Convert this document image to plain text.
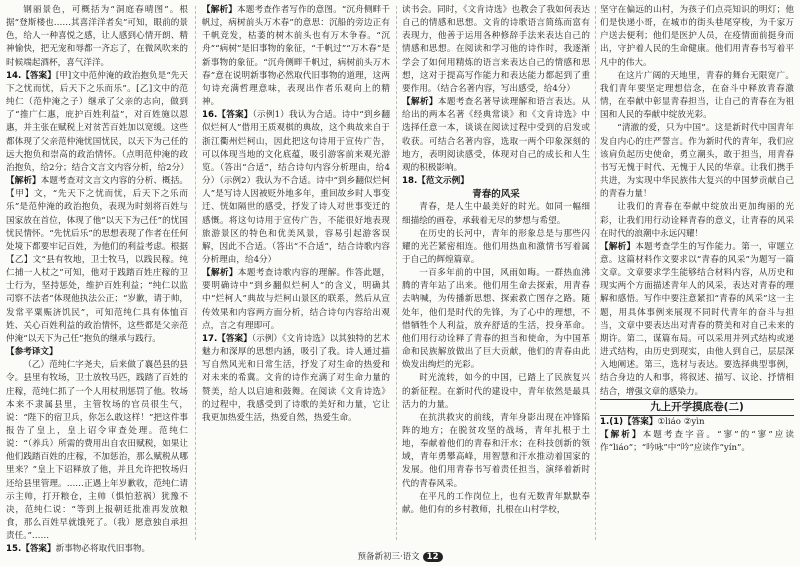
钢丽景色，可概括为“洞庭春晴图”。根据“登斯楼也……其喜洋洋者矣”可知，眼前的景色，给人一种喜悦之感，让人感到心情开朗、精神愉快，把无宠和辱都一齐忘了，在微风吹来的时候端起酒杯，喜气洋洋。

14.【答案】[甲]文中范仲淹的政治抱负是“先天下之忧而忧，后天下之乐而乐”。[乙]文中的范纯仁（范仲淹之子）继承了父亲的志向，做到了“推广仁惠，庇护百姓利益”，对百姓施以恩惠，并主张在赋税上对贫苦百姓加以宽缓。这些都体现了父亲范仲淹忧国忧民，以天下为己任的远大抱负和崇高的政治情怀。（点明范仲淹的政治抱负，给2分；结合文言文内容分析，给2分）

【解析】本题考查对文言文内容的分析、概括。【甲】文，“先天下之忧而忧，后天下之乐而乐”是范仲淹的政治抱负，表现为时刻将百姓与国家放在首位，体现了他“以天下为己任”的忧国忧民情怀。“先忧后乐”的思想表现了作者在任何处境下都要牢记百姓，为他们的利益考虑。根据【乙】文“县有牧地，卫士牧马，以践民稼。纯仁捕一人杖之”可知，他对于践踏百姓庄稼的卫士行为，坚持惩处，维护百姓利益；“纯仁以监司察不法者”体现他执法公正；“岁歉，请于帅，发常平粟赈济饥民”，可知范纯仁具有体恤百姓、关心百姓利益的政治情怀，这些都是父亲范仲淹“以天下为己任”抱负的继承与践行。

【参考译文】

（乙）范纯仁字尧夫，后来做了襄邑县的县令。县里有牧场，卫士放牧马匹，践踏了百姓的庄稼，范纯仁抓了一个人用杖刑惩罚了他。牧场本来不隶属县里，主管牧场的官员很生气，说：“陛下的宿卫兵，你怎么敢这样！”把这件事报告了皇上，皇上诏令审查处理。范纯仁说：“（养兵）所需的费用出自农田赋税，如果让他们践踏百姓的庄稼，不加惩治，那么赋税从哪里来？”皇上下诏释放了他，并且允许把牧场归还给县里管理。……正遇上年岁歉收，范纯仁请示主帅，打开粮仓，主帅（惧怕惹祸）犹豫不决，范纯仁说：“等到上报朝廷批准再发放粮食，那么百姓早就饿死了。（我）愿意独自承担责任。”……

15.【答案】新事物必将取代旧事物。

【解析】本题考查作者写作的意图。“沉舟侧畔千帆过，病树前头万木春”的意思：沉船的旁边正有千帆竞发，枯萎的树木前头也有万木争春。“沉舟”“病树”是旧事物的象征，“千帆过”“万木春”是新事物的象征。“沉舟侧畔千帆过，病树前头万木春”意在说明新事物必然取代旧事物的道理，这两句诗充满哲理意味，表现出作者乐观向上的精神。

16.【答案】（示例1）我认为合适。诗中“到乡翻似烂柯人”借用王质观棋的典故，这个典故来自于浙江衢州烂柯山，因此把这句诗用于宣传广告，可以体现当地的文化底蕴，吸引游客前来观光游览。（答出“合适”，结合诗句内容分析理由，给4分）（示例2）我认为不合适。诗中“到乡翻似烂柯人”是写诗人因被贬外地多年，重回故乡时人事变迁、恍如隔世的感受，抒发了诗人对世事变迁的感慨。将这句诗用于宣传广告，不能很好地表现旅游景区的特色和优美风景，容易引起游客误解，因此不合适。（答出“不合适”，结合诗歌内容分析理由，给4分）

【解析】本题考查诗歌内容的理解。作答此题，要明确诗中“到乡翻似烂柯人”的含义，明确其中“烂柯人”典故与烂柯山景区的联系，然后从宣传效果和内容两方面分析，结合诗句内容给出观点，言之有理即可。

17.【答案】（示例）《文肯诗选》以其独特的艺术魅力和深厚的思想内涵，吸引了我。诗人通过描写自然风光和日常生活，抒发了对生命的热爱和对未来的希冀。文肯的诗作充满了对生命力量的赞美，给人以启迪和鼓舞。在阅读《文肯诗选》的过程中，我感受到了诗歌的美好和力量，它让我更加热爱生活，热爱自然，热爱生命。

读书会。同时，《文肯诗选》也教会了我如何表达自己的情感和思想。文肯的诗歌语言简练而富有表现力，他善于运用各种修辞手法来表达自己的情感和思想。在阅读和学习他的诗作时，我逐渐学会了如何用精炼的语言来表达自己的情感和思想，这对于提高写作能力和表达能力都起到了重要作用。（结合名著内容，写出感受，给4分）

【解析】本题考查名著导读理解和语言表达。从给出的两本名著《经典常谈》和《文肯诗选》中选择任意一本，谈谈在阅读过程中受到的启发或收获。可结合名著内容，选取一两个印象深刻的地方，表明阅读感受，体现对自己的成长和人生观的积极影响。

18.【范文示例】

青春的风采

青春，是人生中最美好的时光。如同一幅细细描绘的画卷，承载着无尽的梦想与希望。

在历史的长河中，青年的形象总是与那些闪耀的光芒紧密相连。他们用热血和激情书写着属于自己的辉煌篇章。

一百多年前的中国，风雨如晦。一群热血沸腾的青年站了出来。他们用生命去探索，用青春去呐喊，为传播新思想、探索救亡图存之路。随处年，他们是时代的先锋，为了心中的理想，不惜牺牲个人利益，放弃舒适的生活，投身革命。他们用行动诠释了青春的担当和使命，为中国革命和民族解放做出了巨大贡献，他们的青春由此焕发出绚烂的光彩。

时光流转，如今的中国，已踏上了民族复兴的新征程。在新时代的建设中，青年依然是最具活力的力量。

在抗洪救灾的前线，青年身影出现在冲锋陷阵的地方；在脱贫攻坚的战场，青年扎根于土地，奉献着他们的青春和汗水；在科技创新的领域，青年勇攀高峰，用智慧和汗水推动着国家的发展。他们用青春书写着责任担当，演绎着新时代的青春风采。

在平凡的工作岗位上，也有无数青年默默奉献。他们有的乡村教师，扎根在山村学校，

坚守在偏远的山村，为孩子们点亮知识的明灯；他们是快递小哥，在城市的街头巷尾穿梭，为千家万户送去便利；他们是医护人员，在疫情面前挺身而出，守护着人民的生命健康。他们用青春书写着平凡中的伟大。

在这片广阔的天地里，青春的舞台无限宽广。我们青年要坚定理想信念，在奋斗中释放青春激情，在奉献中彰显青春担当，让自己的青春在为祖国和人民的奉献中绽放光彩。

“清澈的爱，只为中国”。这是新时代中国青年发自内心的庄严誓言。作为新时代的青年，我们应该肩负起历史使命，勇立潮头，敢于担当，用青春书写无愧于时代、无愧于人民的华章。让我们携手共进，为实现中华民族伟大复兴的中国梦贡献自己的青春力量！

让我们的青春在奉献中绽放出更加绚丽的光彩，让我们用行动诠释青春的意义，让青春的风采在时代的浪潮中永远闪耀！

【解析】本题考查学生的写作能力。第一，审题立意。这篇材料作文要求以“青春的风采”为题写一篇文章。文章要求学生能够结合材料内容，从历史和现实两个方面描述青年人的风采，表达对青春的理解和感悟。写作中要注意紧扣“青春的风采”这一主题，用具体事例来展现不同时代青年的奋斗与担当，文章中要表达出对青春的赞美和对自己未来的期许。第二，谋篇布局。可以采用并列式结构或递进式结构，由历史到现实，由他人到自己，层层深入地阐述。第三，选材与表达。要选择典型事例，结合身边的人和事，将叙述、描写、议论、抒情相结合，增强文章的感染力。

九上开学摸底卷(二)

1.(1)【答案】①liáo ②yìn

【解析】本题考查字音。“寥”的“寥”应读作“liáo”；“吟咏”中“吟”应读作“yín”。

预备新初三·语文 12
